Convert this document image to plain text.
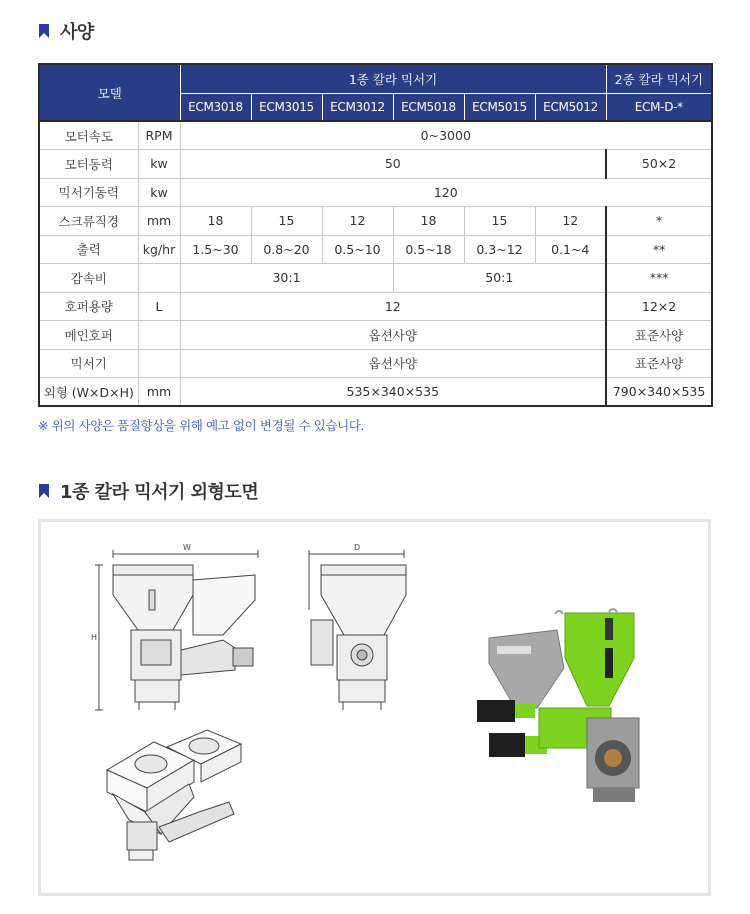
사양
모델		1종 칼라 믹서기						2종 칼라 믹서기
		ECM3018	ECM3015	ECM3012	ECM5018	ECM5015	ECM5012	ECM-D-*
모터속도	RPM	0~3000						
모터동력	kw	50						50×2
믹서기동력	kw	120						
스크류직경	mm	18	15	12	18	15	12	*
출력	kg/hr	1.5~30	0.8~20	0.5~10	0.5~18	0.3~12	0.1~4	**
감속비		30:1			50:1			***
호퍼용량	L	12						12×2
메인호퍼		옵션사양						표준사양
믹서기		옵션사양						표준사양
외형 (W×D×H)	mm	535×340×535						790×340×535
※ 위의 사양은 품질향상을 위해 예고 없이 변경될 수 있습니다.
1종 칼라 믹서기 외형도면
W
H
D
